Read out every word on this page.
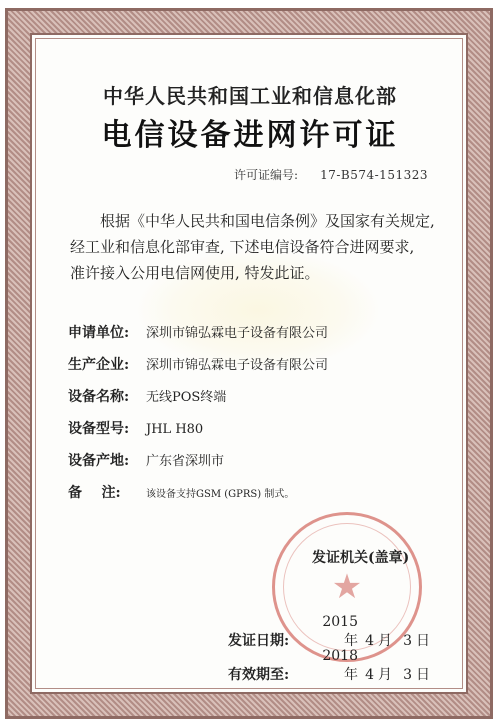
中华人民共和国工业和信息化部
电信设备进网许可证
许可证编号: 17-B574-151323
根据《中华人民共和国电信条例》及国家有关规定,
经工业和信息化部审查, 下述电信设备符合进网要求,
准许接入公用电信网使用, 特发此证。
申请单位: 深圳市锦弘霖电子设备有限公司
生产企业: 深圳市锦弘霖电子设备有限公司
设备名称: 无线POS终端
设备型号: JHL H80
设备产地: 广东省深圳市
备    注:	该设备支持GSM (GPRS) 制式。
★
发证机关(盖章)
发证日期:2015年 4 月 3 日
有效期至:2018年 4 月 3 日
